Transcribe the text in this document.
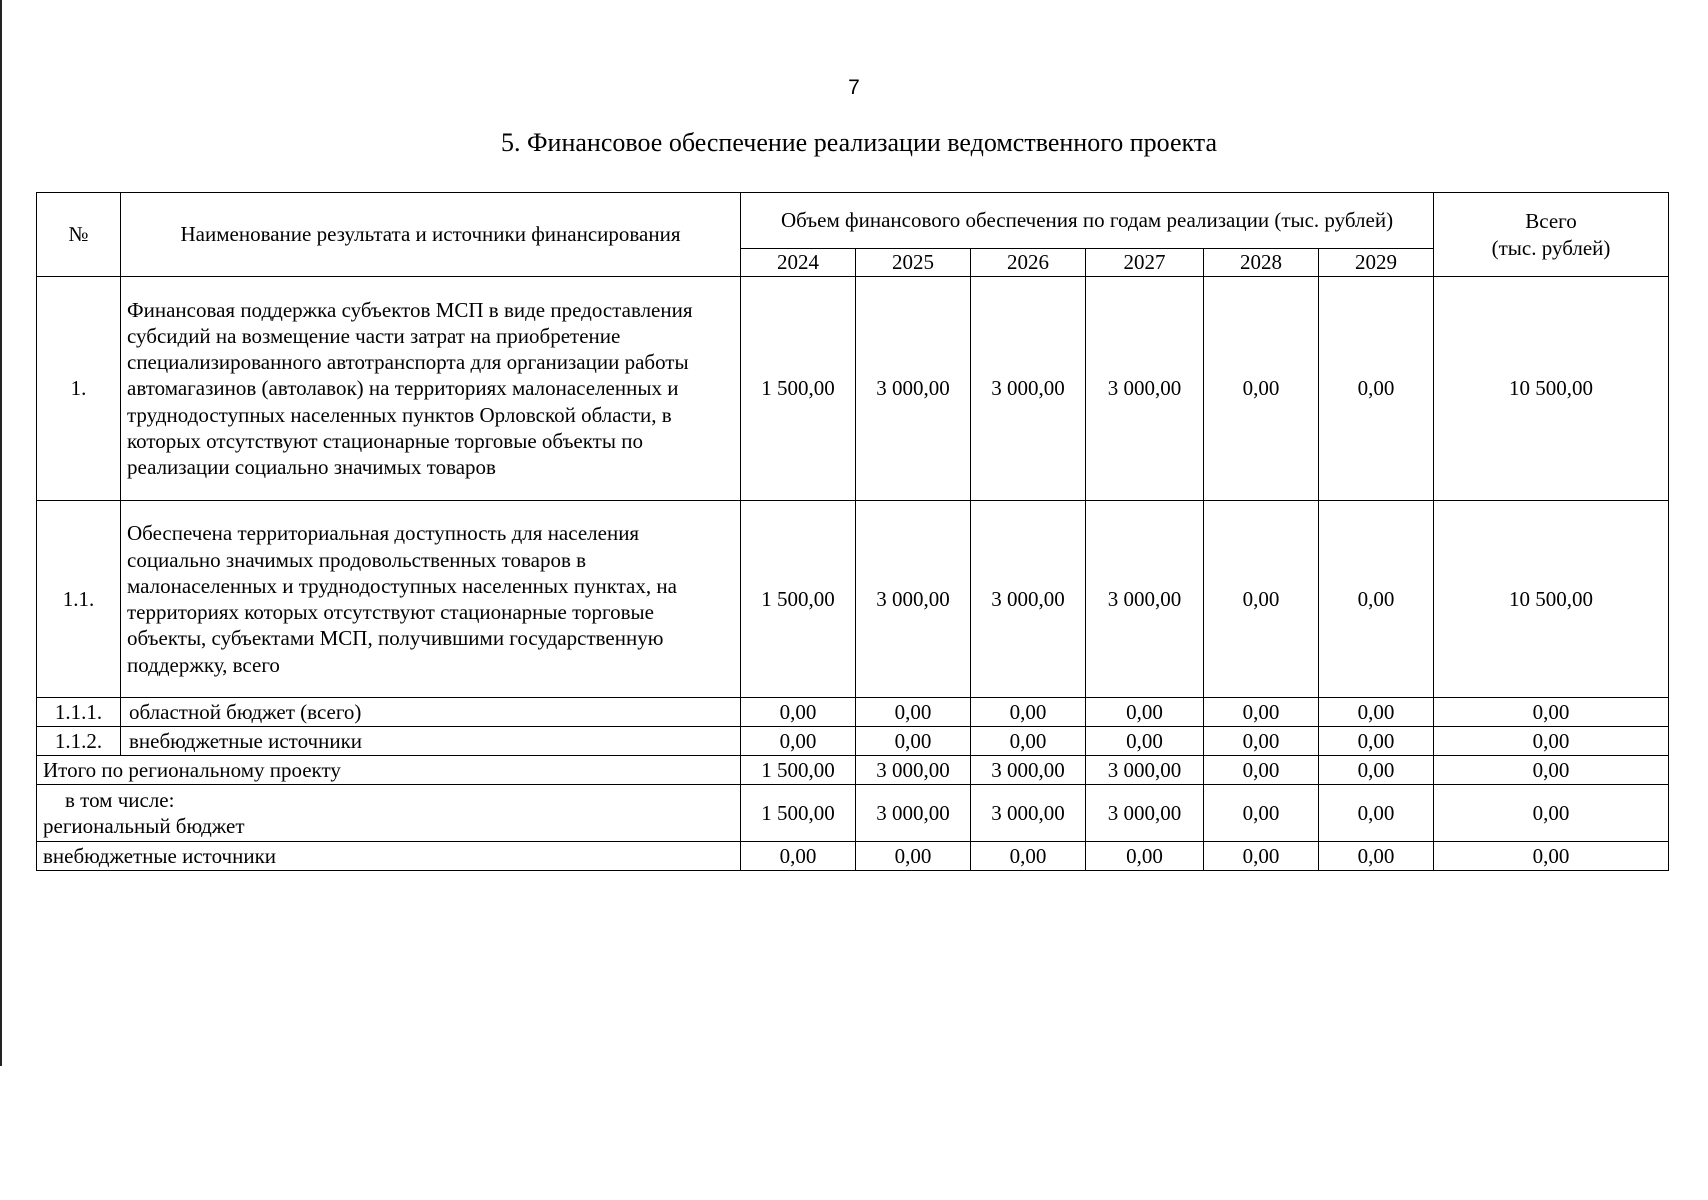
7
5. Финансовое обеспечение реализации ведомственного проекта
№	Наименование результата и источники финансирования	Объем финансового обеспечения по годам реализации (тыс. рублей)						Всего
(тыс. рублей)
		2024	2025	2026	2027	2028	2029	
1.	Финансовая поддержка субъектов МСП в виде предоставления субсидий на возмещение части затрат на приобретение специализированного автотранспорта для организации работы автомагазинов (автолавок) на территориях малонаселенных и труднодоступных населенных пунктов Орловской области, в которых отсутствуют стационарные торговые объекты по реализации социально значимых товаров	1 500,00	3 000,00	3 000,00	3 000,00	0,00	0,00	10 500,00
1.1.	Обеспечена территориальная доступность для населения социально значимых продовольственных товаров в малонаселенных и труднодоступных населенных пунктах, на территориях которых отсутствуют стационарные торговые объекты, субъектами МСП, получившими государственную поддержку, всего	1 500,00	3 000,00	3 000,00	3 000,00	0,00	0,00	10 500,00
1.1.1.	областной бюджет (всего)	0,00	0,00	0,00	0,00	0,00	0,00	0,00
1.1.2.	внебюджетные источники	0,00	0,00	0,00	0,00	0,00	0,00	0,00
Итого по региональному проекту		1 500,00	3 000,00	3 000,00	3 000,00	0,00	0,00	0,00

в том числе:
региональный бюджет		1 500,00	3 000,00	3 000,00	3 000,00	0,00	0,00	0,00
внебюджетные источники		0,00	0,00	0,00	0,00	0,00	0,00	0,00
